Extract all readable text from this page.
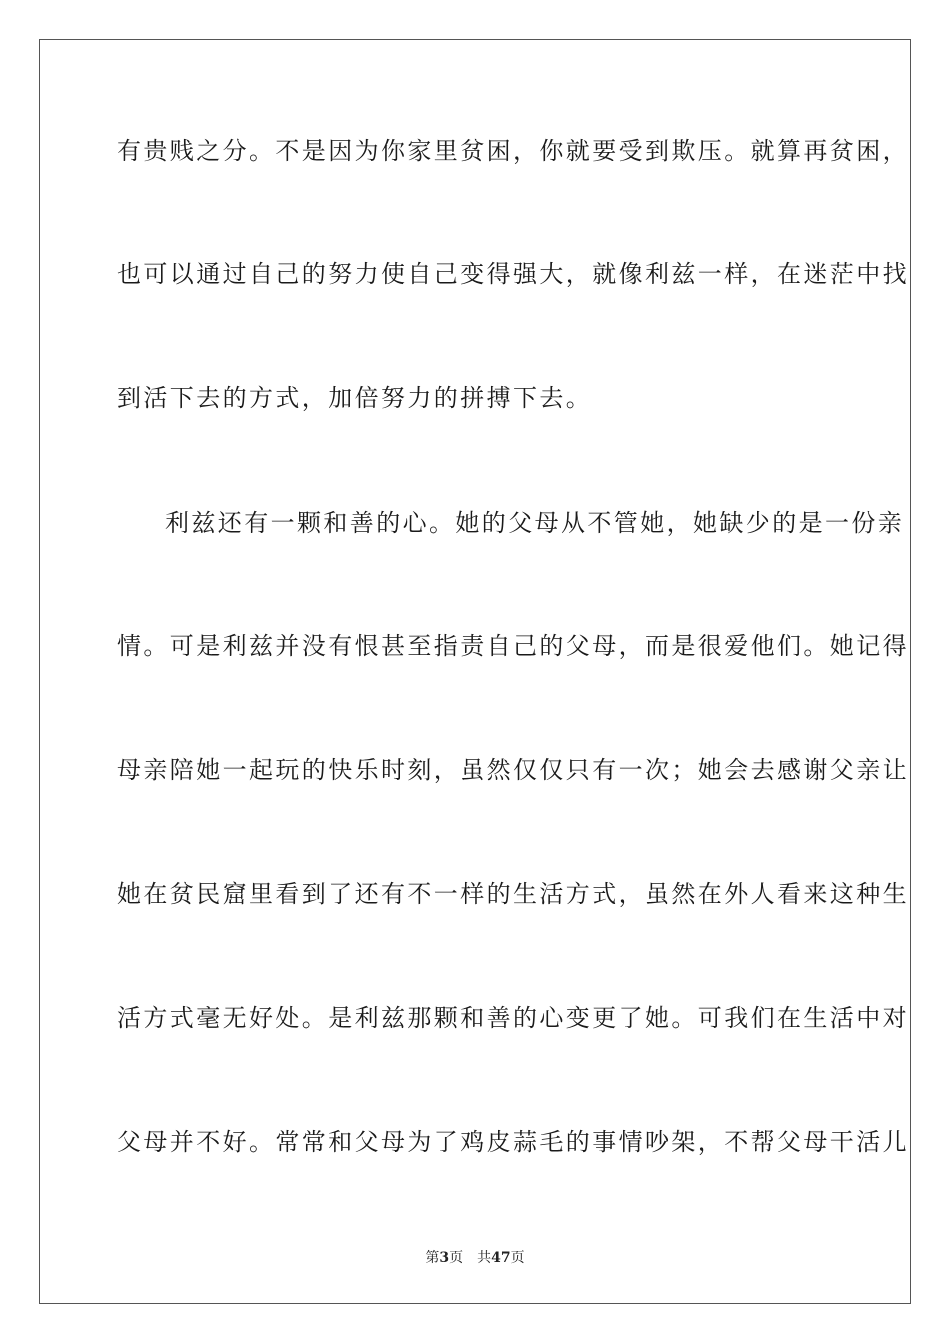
有贵贱之分。不是因为你家里贫困，你就要受到欺压。就算再贫困，
也可以通过自己的努力使自己变得强大，就像利兹一样，在迷茫中找
到活下去的方式，加倍努力的拼搏下去。
利兹还有一颗和善的心。她的父母从不管她，她缺少的是一份亲
情。可是利兹并没有恨甚至指责自己的父母，而是很爱他们。她记得
母亲陪她一起玩的快乐时刻，虽然仅仅只有一次；她会去感谢父亲让
她在贫民窟里看到了还有不一样的生活方式，虽然在外人看来这种生
活方式毫无好处。是利兹那颗和善的心变更了她。可我们在生活中对
父母并不好。常常和父母为了鸡皮蒜毛的事情吵架，不帮父母干活儿
第3页 共47页
